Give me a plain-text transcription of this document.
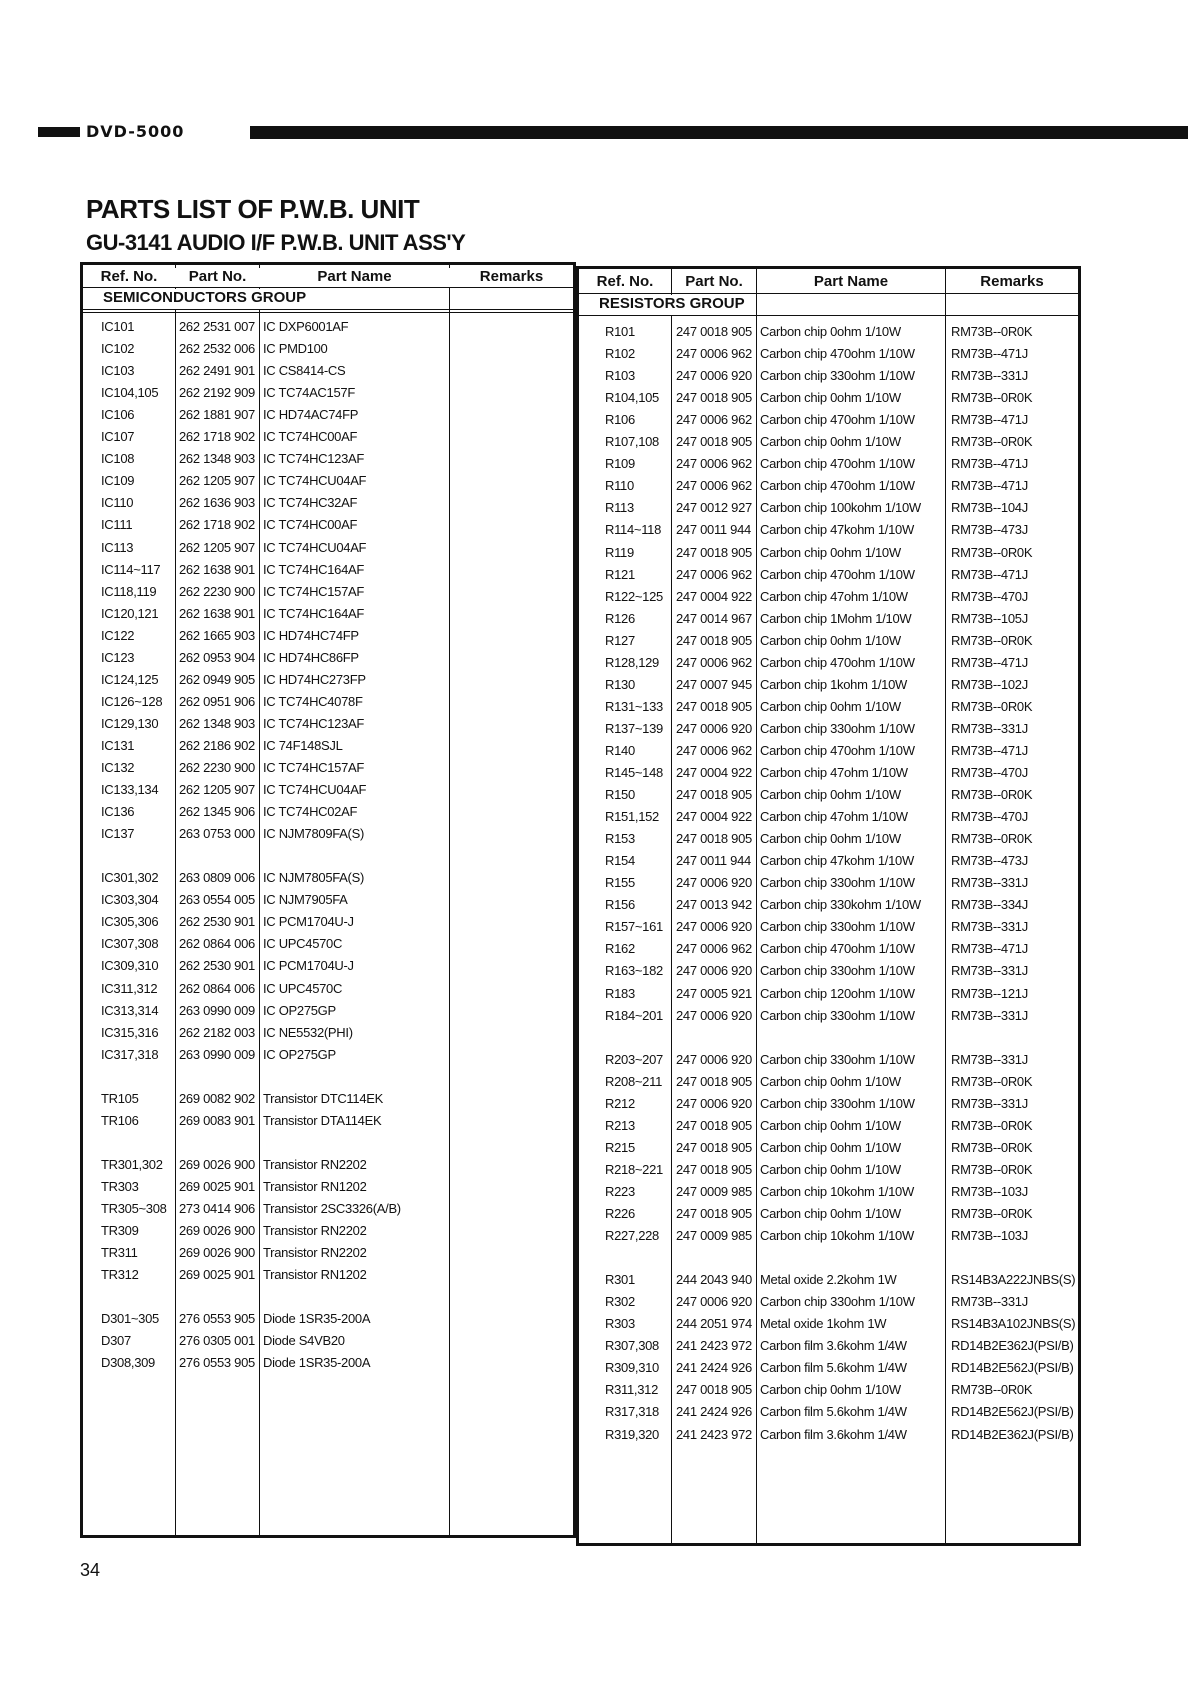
DVD-5000
PARTS LIST OF P.W.B. UNIT
GU-3141 AUDIO I/F P.W.B. UNIT ASS'Y
Ref. No.	Part No.	Part Name	Remarks
SEMICONDUCTORS GROUP
IC101	262 2531 007 IC DXP6001AF
IC102	262 2532 006 IC PMD100
IC103	262 2491 901 IC CS8414-CS
IC104,105 262 2192 909 IC TC74AC157F
IC106	262 1881 907 IC HD74AC74FP
IC107	262 1718 902 IC TC74HC00AF
IC108	262 1348 903 IC TC74HC123AF
IC109	262 1205 907 IC TC74HCU04AF
IC110	262 1636 903 IC TC74HC32AF
IC111	262 1718 902 IC TC74HC00AF
IC113	262 1205 907 IC TC74HCU04AF
IC114~117 262 1638 901 IC TC74HC164AF
IC118,119 262 2230 900 IC TC74HC157AF
IC120,121 262 1638 901 IC TC74HC164AF
IC122	262 1665 903 IC HD74HC74FP
IC123	262 0953 904 IC HD74HC86FP
IC124,125 262 0949 905 IC HD74HC273FP
IC126~128 262 0951 906 IC TC74HC4078F
IC129,130 262 1348 903 IC TC74HC123AF
IC131	262 2186 902 IC 74F148SJL
IC132	262 2230 900 IC TC74HC157AF
IC133,134 262 1205 907 IC TC74HCU04AF
IC136	262 1345 906 IC TC74HC02AF
IC137	263 0753 000 IC NJM7809FA(S)
IC301,302 263 0809 006 IC NJM7805FA(S)
IC303,304 263 0554 005 IC NJM7905FA
IC305,306 262 2530 901 IC PCM1704U-J
IC307,308 262 0864 006 IC UPC4570C
IC309,310 262 2530 901 IC PCM1704U-J
IC311,312 262 0864 006 IC UPC4570C
IC313,314 263 0990 009 IC OP275GP
IC315,316 262 2182 003 IC NE5532(PHI)
IC317,318 263 0990 009 IC OP275GP
TR105	269 0082 902 Transistor DTC114EK
TR106	269 0083 901 Transistor DTA114EK
TR301,302 269 0026 900 Transistor RN2202
TR303	269 0025 901 Transistor RN1202
TR305~308 273 0414 906 Transistor 2SC3326(A/B)
TR309	269 0026 900 Transistor RN2202
TR311	269 0026 900 Transistor RN2202
TR312	269 0025 901 Transistor RN1202
D301~305 276 0553 905 Diode 1SR35-200A
D307	276 0305 001 Diode S4VB20
D308,309 276 0553 905 Diode 1SR35-200A
Ref. No.	Part No.	Part Name	Remarks
RESISTORS GROUP
R101	247 0018 905 Carbon chip 0ohm 1/10W	RM73B--0R0K
R102	247 0006 962 Carbon chip 470ohm 1/10W	RM73B--471J
R103	247 0006 920 Carbon chip 330ohm 1/10W	RM73B--331J
R104,105 247 0018 905 Carbon chip 0ohm 1/10W	RM73B--0R0K
R106	247 0006 962 Carbon chip 470ohm 1/10W	RM73B--471J
R107,108 247 0018 905 Carbon chip 0ohm 1/10W	RM73B--0R0K
R109	247 0006 962 Carbon chip 470ohm 1/10W	RM73B--471J
R110	247 0006 962 Carbon chip 470ohm 1/10W	RM73B--471J
R113	247 0012 927 Carbon chip 100kohm 1/10W RM73B--104J
R114~118 247 0011 944 Carbon chip 47kohm 1/10W	RM73B--473J
R119	247 0018 905 Carbon chip 0ohm 1/10W	RM73B--0R0K
R121	247 0006 962 Carbon chip 470ohm 1/10W	RM73B--471J
R122~125 247 0004 922 Carbon chip 47ohm 1/10W	RM73B--470J
R126	247 0014 967 Carbon chip 1Mohm 1/10W	RM73B--105J
R127	247 0018 905 Carbon chip 0ohm 1/10W	RM73B--0R0K
R128,129 247 0006 962 Carbon chip 470ohm 1/10W	RM73B--471J
R130	247 0007 945 Carbon chip 1kohm 1/10W	RM73B--102J
R131~133 247 0018 905 Carbon chip 0ohm 1/10W	RM73B--0R0K
R137~139 247 0006 920 Carbon chip 330ohm 1/10W	RM73B--331J
R140	247 0006 962 Carbon chip 470ohm 1/10W	RM73B--471J
R145~148 247 0004 922 Carbon chip 47ohm 1/10W	RM73B--470J
R150	247 0018 905 Carbon chip 0ohm 1/10W	RM73B--0R0K
R151,152 247 0004 922 Carbon chip 47ohm 1/10W	RM73B--470J
R153	247 0018 905 Carbon chip 0ohm 1/10W	RM73B--0R0K
R154	247 0011 944 Carbon chip 47kohm 1/10W	RM73B--473J
R155	247 0006 920 Carbon chip 330ohm 1/10W	RM73B--331J
R156	247 0013 942 Carbon chip 330kohm 1/10W RM73B--334J
R157~161 247 0006 920 Carbon chip 330ohm 1/10W	RM73B--331J
R162	247 0006 962 Carbon chip 470ohm 1/10W	RM73B--471J
R163~182 247 0006 920 Carbon chip 330ohm 1/10W	RM73B--331J
R183	247 0005 921 Carbon chip 120ohm 1/10W	RM73B--121J
R184~201 247 0006 920 Carbon chip 330ohm 1/10W	RM73B--331J
R203~207 247 0006 920 Carbon chip 330ohm 1/10W	RM73B--331J
R208~211 247 0018 905 Carbon chip 0ohm 1/10W	RM73B--0R0K
R212	247 0006 920 Carbon chip 330ohm 1/10W	RM73B--331J
R213	247 0018 905 Carbon chip 0ohm 1/10W	RM73B--0R0K
R215	247 0018 905 Carbon chip 0ohm 1/10W	RM73B--0R0K
R218~221 247 0018 905 Carbon chip 0ohm 1/10W	RM73B--0R0K
R223	247 0009 985 Carbon chip 10kohm 1/10W	RM73B--103J
R226	247 0018 905 Carbon chip 0ohm 1/10W	RM73B--0R0K
R227,228 247 0009 985 Carbon chip 10kohm 1/10W	RM73B--103J
R301	244 2043 940 Metal oxide 2.2kohm 1W	RS14B3A222JNBS(S)
R302	247 0006 920 Carbon chip 330ohm 1/10W	RM73B--331J
R303	244 2051 974 Metal oxide 1kohm 1W	RS14B3A102JNBS(S)
R307,308 241 2423 972 Carbon film 3.6kohm 1/4W	RD14B2E362J(PSI/B)
R309,310 241 2424 926 Carbon film 5.6kohm 1/4W	RD14B2E562J(PSI/B)
R311,312 247 0018 905 Carbon chip 0ohm 1/10W	RM73B--0R0K
R317,318 241 2424 926 Carbon film 5.6kohm 1/4W	RD14B2E562J(PSI/B)
R319,320 241 2423 972 Carbon film 3.6kohm 1/4W	RD14B2E362J(PSI/B)
34
